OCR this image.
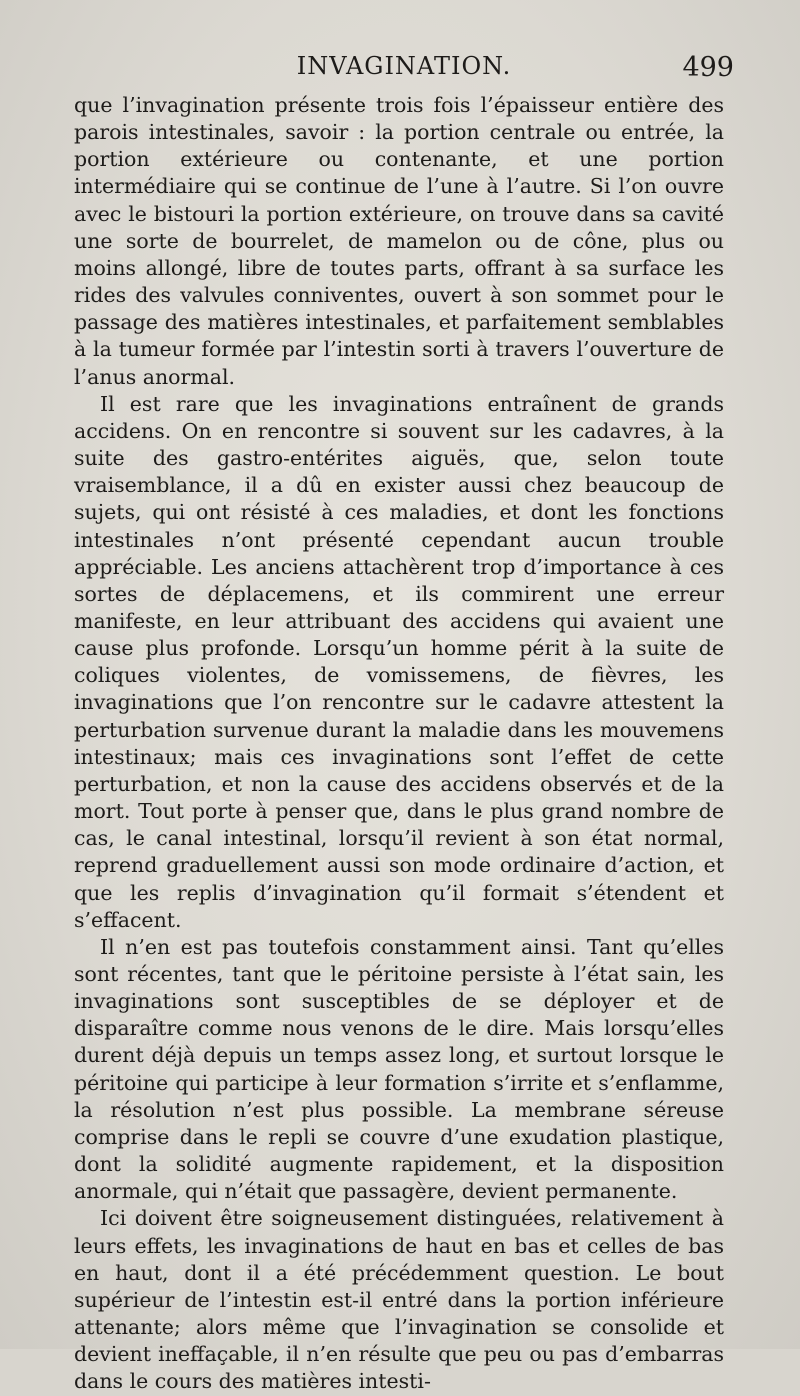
INVAGINATION.	499

que l’invagination présente trois fois l’épaisseur entière des parois intestinales, savoir : la portion centrale ou entrée, la portion extérieure ou contenante, et une portion intermédiaire qui se continue de l’une à l’autre. Si l’on ouvre avec le bistouri la portion extérieure, on trouve dans sa cavité une sorte de bourrelet, de mamelon ou de cône, plus ou moins allongé, libre de toutes parts, offrant à sa surface les rides des valvules conniventes, ouvert à son sommet pour le passage des matières intestinales, et parfaitement semblables à la tumeur formée par l’intestin sorti à travers l’ouverture de l’anus anormal.

Il est rare que les invaginations entraînent de grands accidens. On en rencontre si souvent sur les cadavres, à la suite des gastro-entérites aiguës, que, selon toute vraisemblance, il a dû en exister aussi chez beaucoup de sujets, qui ont résisté à ces maladies, et dont les fonctions intestinales n’ont présenté cependant aucun trouble appréciable. Les anciens attachèrent trop d’importance à ces sortes de déplacemens, et ils commirent une erreur manifeste, en leur attribuant des accidens qui avaient une cause plus profonde. Lorsqu’un homme périt à la suite de coliques violentes, de vomissemens, de fièvres, les invaginations que l’on rencontre sur le cadavre attestent la perturbation survenue durant la maladie dans les mouvemens intestinaux; mais ces invaginations sont l’effet de cette perturbation, et non la cause des accidens observés et de la mort. Tout porte à penser que, dans le plus grand nombre de cas, le canal intestinal, lorsqu’il revient à son état normal, reprend graduellement aussi son mode ordinaire d’action, et que les replis d’invagination qu’il formait s’étendent et s’effacent.

Il n’en est pas toutefois constamment ainsi. Tant qu’elles sont récentes, tant que le péritoine persiste à l’état sain, les invaginations sont susceptibles de se déployer et de disparaître comme nous venons de le dire. Mais lorsqu’elles durent déjà depuis un temps assez long, et surtout lorsque le péritoine qui participe à leur formation s’irrite et s’enflamme, la résolution n’est plus possible. La membrane séreuse comprise dans le repli se couvre d’une exudation plastique, dont la solidité augmente rapidement, et la disposition anormale, qui n’était que passagère, devient permanente.

Ici doivent être soigneusement distinguées, relativement à leurs effets, les invaginations de haut en bas et celles de bas en haut, dont il a été précédemment question. Le bout supérieur de l’intestin est-il entré dans la portion inférieure attenante; alors même que l’invagination se consolide et devient ineffaçable, il n’en résulte que peu ou pas d’embarras dans le cours des matières intesti-
